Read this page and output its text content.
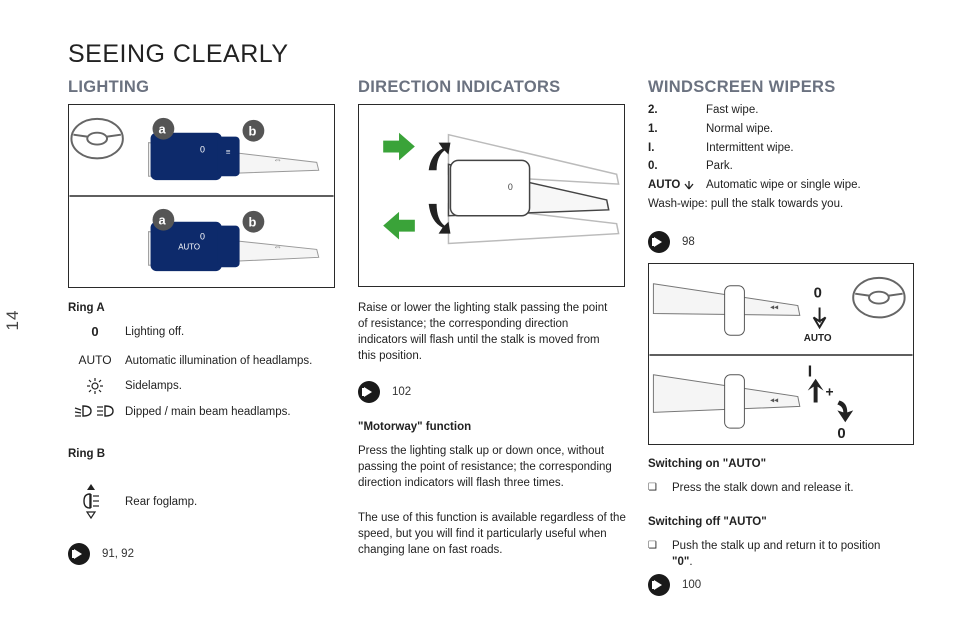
14
SEEING CLEARLY
LIGHTING
0	≡
a	b
⇔
AUTO
0
a	b
⇔
Ring A
0	Lighting off.
AUTO	Automatic illumination of headlamps.
Sidelamps.
Dipped / main beam headlamps.
Ring B
Rear foglamp.
91, 92
DIRECTION INDICATORS
0
Raise or lower the lighting stalk passing the point of resistance; the corresponding direction indicators will flash until the stalk is moved from this position.
102
"Motorway" function
Press the lighting stalk up or down once, without passing the point of resistance; the corresponding direction indicators will flash three times.
The use of this function is available regardless of the speed, but you will find it particularly useful when changing lane on fast roads.
WINDSCREEN WIPERS
2.	Fast wipe.
1.	Normal wipe.
I.	Intermittent wipe.
0.	Park.
AUTO Automatic wipe or single wipe.
Wash-wipe: pull the stalk towards you.
98
◂◂
0
AUTO
◂◂
I
+
0
Switching on "AUTO"
❏	Press the stalk down and release it.
Switching off "AUTO"
❏	Push the stalk up and return it to position "0".
100
